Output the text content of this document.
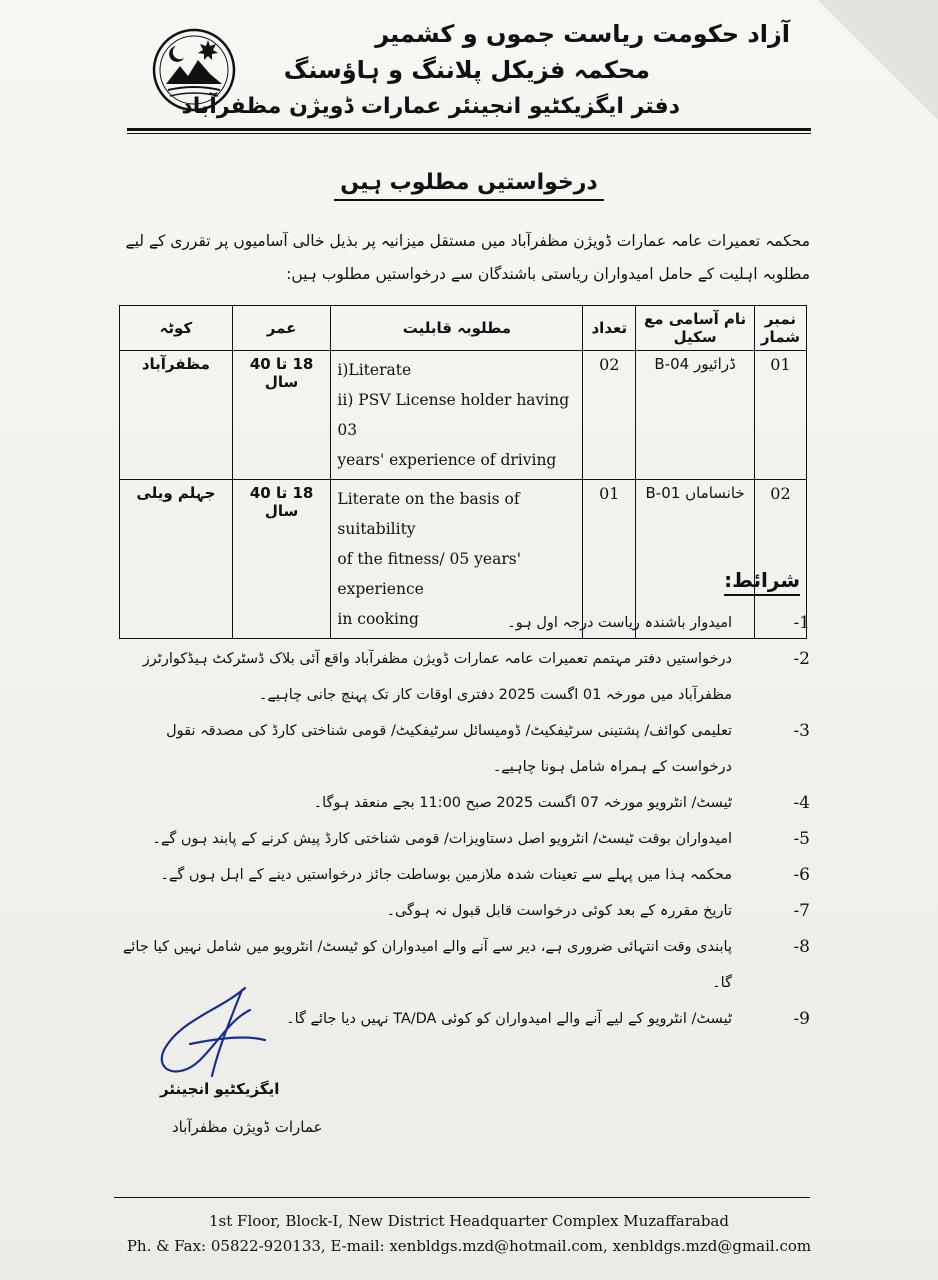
آزاد حکومت ریاست جموں و کشمیر
محکمہ فزیکل پلاننگ و ہاؤسنگ
دفتر ایگزیکٹیو انجینئر عمارات ڈویژن مظفرآباد
درخواستیں مطلوب ہیں
محکمہ تعمیرات عامہ عمارات ڈویژن مظفرآباد میں مستقل میزانیہ پر بذیل خالی آسامیوں پر تقرری کے لیے مطلوبہ اہلیت کے حامل امیدواران ریاستی باشندگان سے درخواستیں مطلوب ہیں:
نمبر شمار	نام آسامی مع سکیل	تعداد	مطلوبہ قابلیت	عمر	کوٹہ
01	ڈرائیور B-04	02	i)Literate
ii) PSV License holder having 03
years' experience of driving	18 تا 40 سال	مظفرآباد
02	خانساماں B-01	01	Literate on the basis of suitability
of the fitness/ 05 years' experience
in cooking	18 تا 40 سال	جہلم ویلی
شرائط:
-1
امیدوار باشندہ ریاست درجہ اول ہو۔
-2
درخواستیں دفتر مہتمم تعمیرات عامہ عمارات ڈویژن مظفرآباد واقع آئی بلاک ڈسٹرکٹ ہیڈکوارٹرز مظفرآباد میں مورخہ 01 اگست 2025 دفتری اوقات کار تک پہنچ جانی چاہیے۔
-3
تعلیمی کوائف/ پشتینی سرٹیفکیٹ/ ڈومیسائل سرٹیفکیٹ/ قومی شناختی کارڈ کی مصدقہ نقول درخواست کے ہمراہ شامل ہونا چاہیے۔
-4
ٹیسٹ/ انٹرویو مورخہ 07 اگست 2025 صبح 11:00 بجے منعقد ہوگا۔
-5
امیدواران بوقت ٹیسٹ/ انٹرویو اصل دستاویزات/ قومی شناختی کارڈ پیش کرنے کے پابند ہوں گے۔
-6
محکمہ ہذا میں پہلے سے تعینات شدہ ملازمین بوساطت جائز درخواستیں دینے کے اہل ہوں گے۔
-7
تاریخ مقررہ کے بعد کوئی درخواست قابل قبول نہ ہوگی۔
-8
پابندی وقت انتہائی ضروری ہے، دیر سے آنے والے امیدواران کو ٹیسٹ/ انٹرویو میں شامل نہیں کیا جائے گا۔
-9
ٹیسٹ/ انٹرویو کے لیے آنے والے امیدواران کو کوئی TA/DA نہیں دیا جائے گا۔
ایگزیکٹیو انجینئر
عمارات ڈویژن مظفرآباد
1st Floor, Block-I, New District Headquarter Complex Muzaffarabad
Ph. & Fax: 05822-920133, E-mail: xenbldgs.mzd@hotmail.com, xenbldgs.mzd@gmail.com
